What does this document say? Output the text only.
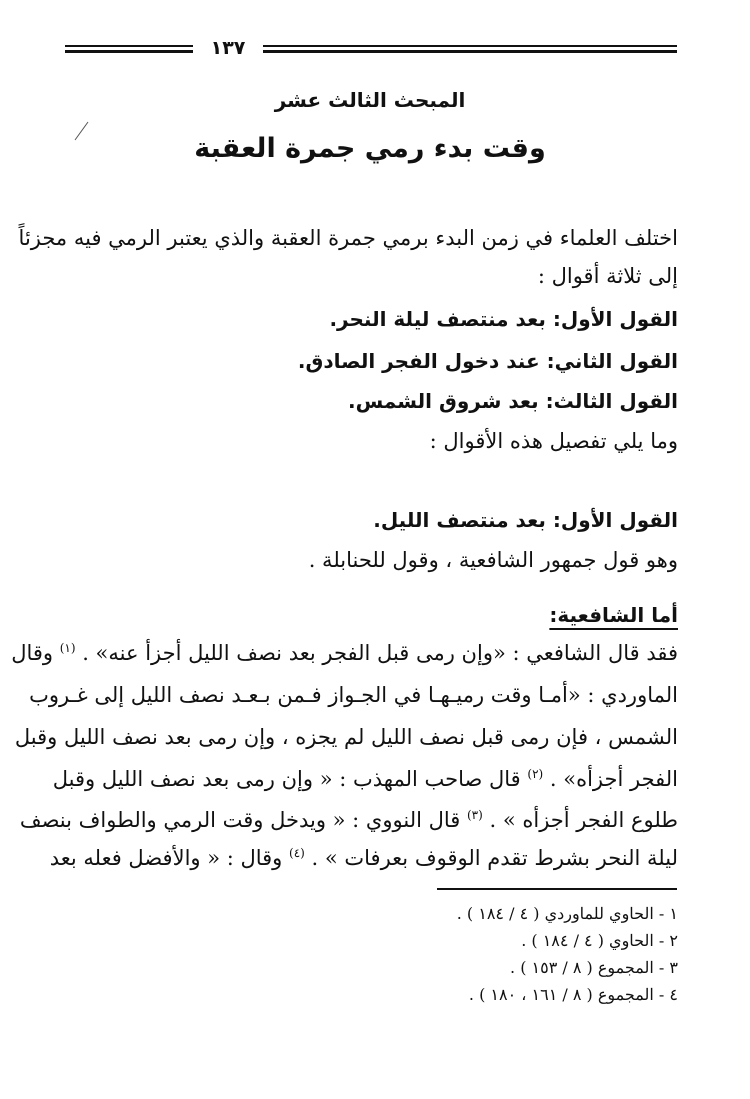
١٣٧
المبحث الثالث عشر
وقت بدء رمي جمرة العقبة
اختلف العلماء في زمن البدء برمي جمرة العقبة والذي يعتبر الرمي فيه مجزئاً
إلى ثلاثة أقوال :
القول الأول: بعد منتصف ليلة النحر.
القول الثاني: عند دخول الفجر الصادق.
القول الثالث: بعد شروق الشمس.
وما يلي تفصيل هذه الأقوال :
القول الأول: بعد منتصف الليل.
وهو قول جمهور الشافعية ، وقول للحنابلة .
أما الشافعية:
فقد قال الشافعي : «وإن رمى قبل الفجر بعد نصف الليل أجزأ عنه» . $^{(١)}$ وقال
الماوردي : «أمـا وقت رميـهـا في الجـواز فـمن بـعـد نصف الليل إلى غـروب
الشمس ، فإن رمى قبل نصف الليل لم يجزه ، وإن رمى بعد نصف الليل وقبل
الفجر أجزأه» . $^{(٢)}$ قال صاحب المهذب : « وإن رمى بعد نصف الليل وقبل
طلوع الفجر أجزأه » . $^{(٣)}$ قال النووي : « ويدخل وقت الرمي والطواف بنصف
ليلة النحر بشرط تقدم الوقوف بعرفات » . $^{(٤)}$ وقال : « والأفضل فعله بعد
١ - الحاوي للماوردي ( ٤ / ١٨٤ ) .
٢ - الحاوي ( ٤ / ١٨٤ ) .
٣ - المجموع ( ٨ / ١٥٣ ) .
٤ - المجموع ( ٨ / ١٦١ ، ١٨٠ ) .
